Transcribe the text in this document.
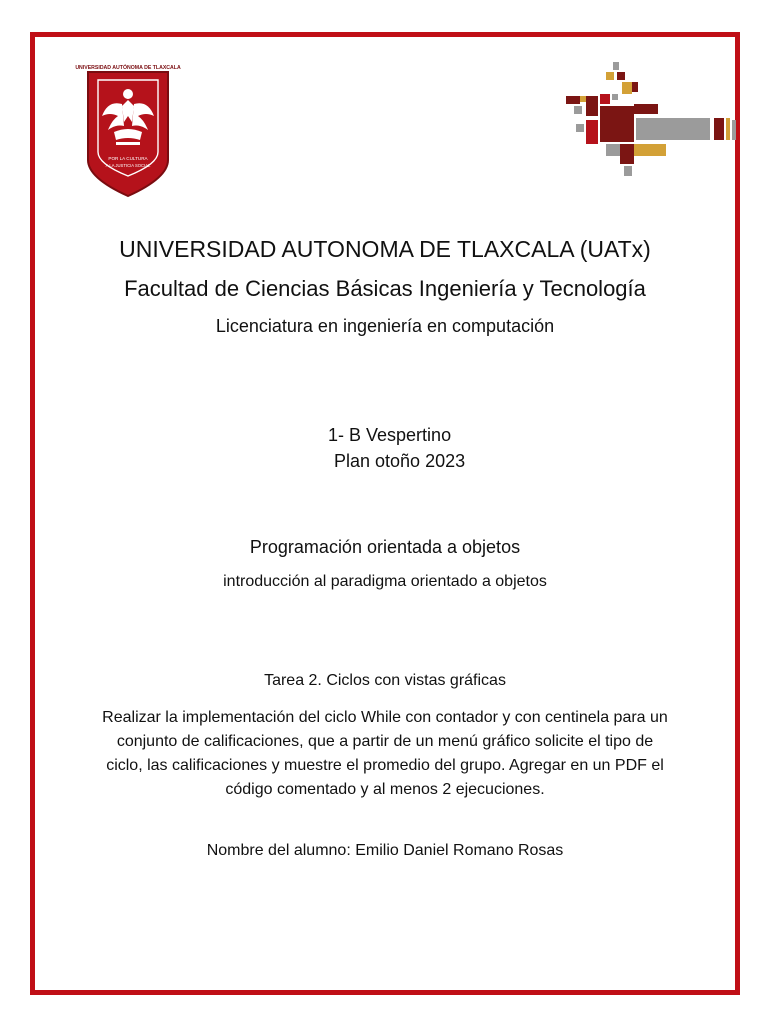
UNIVERSIDAD AUTÓNOMA DE TLAXCALA
POR LA CULTURA
A LA JUSTICIA SOCIAL
UNIVERSIDAD AUTONOMA DE TLAXCALA (UATx)
Facultad de Ciencias Básicas Ingeniería y Tecnología
Licenciatura en ingeniería en computación
1- B Vespertino
Plan otoño 2023
Programación orientada a objetos
introducción al paradigma orientado a objetos
Tarea 2. Ciclos con vistas gráficas
Realizar la implementación del ciclo While con contador y con centinela para un conjunto de calificaciones, que a partir de un menú gráfico solicite el tipo de ciclo, las calificaciones y muestre el promedio del grupo. Agregar en un PDF el código comentado y al menos 2 ejecuciones.
Nombre del alumno: Emilio Daniel Romano Rosas
